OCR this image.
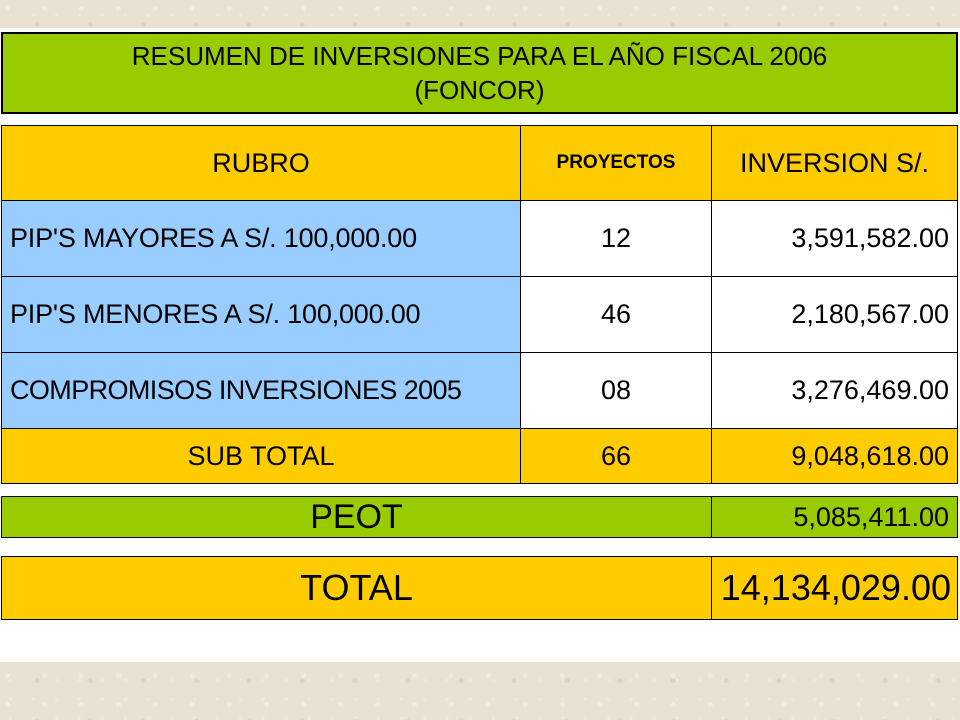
RESUMEN DE INVERSIONES PARA EL AÑO FISCAL 2006
(FONCOR)
RUBRO	PROYECTOS	INVERSION S/.
PIP'S MAYORES A S/. 100,000.00	12	3,591,582.00
PIP'S MENORES A S/. 100,000.00	46	2,180,567.00
COMPROMISOS INVERSIONES 2005	08	3,276,469.00
SUB TOTAL	66	9,048,618.00
PEOT	5,085,411.00
TOTAL	14,134,029.00
